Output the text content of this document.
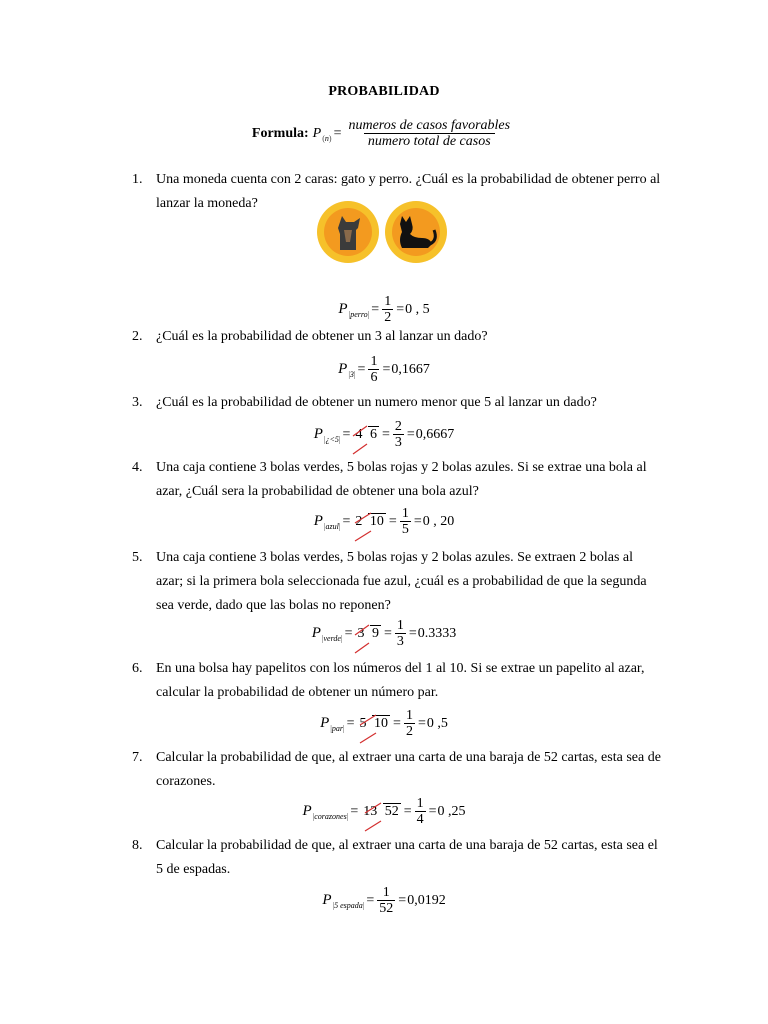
PROBABILIDAD
Formula: P $(n) = \frac{\text{numeros de casos favorables}}{\text{numero total de casos}}$
1. Una moneda cuenta con 2 caras: gato y perro. ¿Cuál es la probabilidad de obtener perro al lanzar la moneda?
P |perro| = $\frac{1}{2} = 0$ , 5
2. ¿Cuál es la probabilidad de obtener un 3 al lanzar un dado?
P $|3| = \frac{1}{6} = 0,1667$
3. ¿Cuál es la probabilidad de obtener un numero menor que 5 al lanzar un dado?
P |¿<5| = 4 $6 = \frac{2}{3} = 0,6667$
4. Una caja contiene 3 bolas verdes, 5 bolas rojas y 2 bolas azules. Si se extrae una bola al azar, ¿Cuál sera la probabilidad de obtener una bola azul?
P |azul| = 2 $10 = \frac{1}{5} = 0$ , 20
5. Una caja contiene 3 bolas verdes, 5 bolas rojas y 2 bolas azules. Se extraen 2 bolas al azar; si la primera bola seleccionada fue azul, ¿cuál es a probabilidad de que la segunda sea verde, dado que las bolas no reponen?
P |verde| = 3 $9 = \frac{1}{3} = 0.3333$
6. En una bolsa hay papelitos con los números del 1 al 10. Si se extrae un papelito al azar, calcular la probabilidad de obtener un número par.
P |par| = 5 $10 = \frac{1}{2} = 0$ ,5
7. Calcular la probabilidad de que, al extraer una carta de una baraja de 52 cartas, esta sea de corazones.
P |corazones| = 13 $52 = \frac{1}{4} = 0$ ,25
8. Calcular la probabilidad de que, al extraer una carta de una baraja de 52 cartas, esta sea el 5 de espadas.
P |5 espada| = $\frac{1}{52} = 0,0192$
